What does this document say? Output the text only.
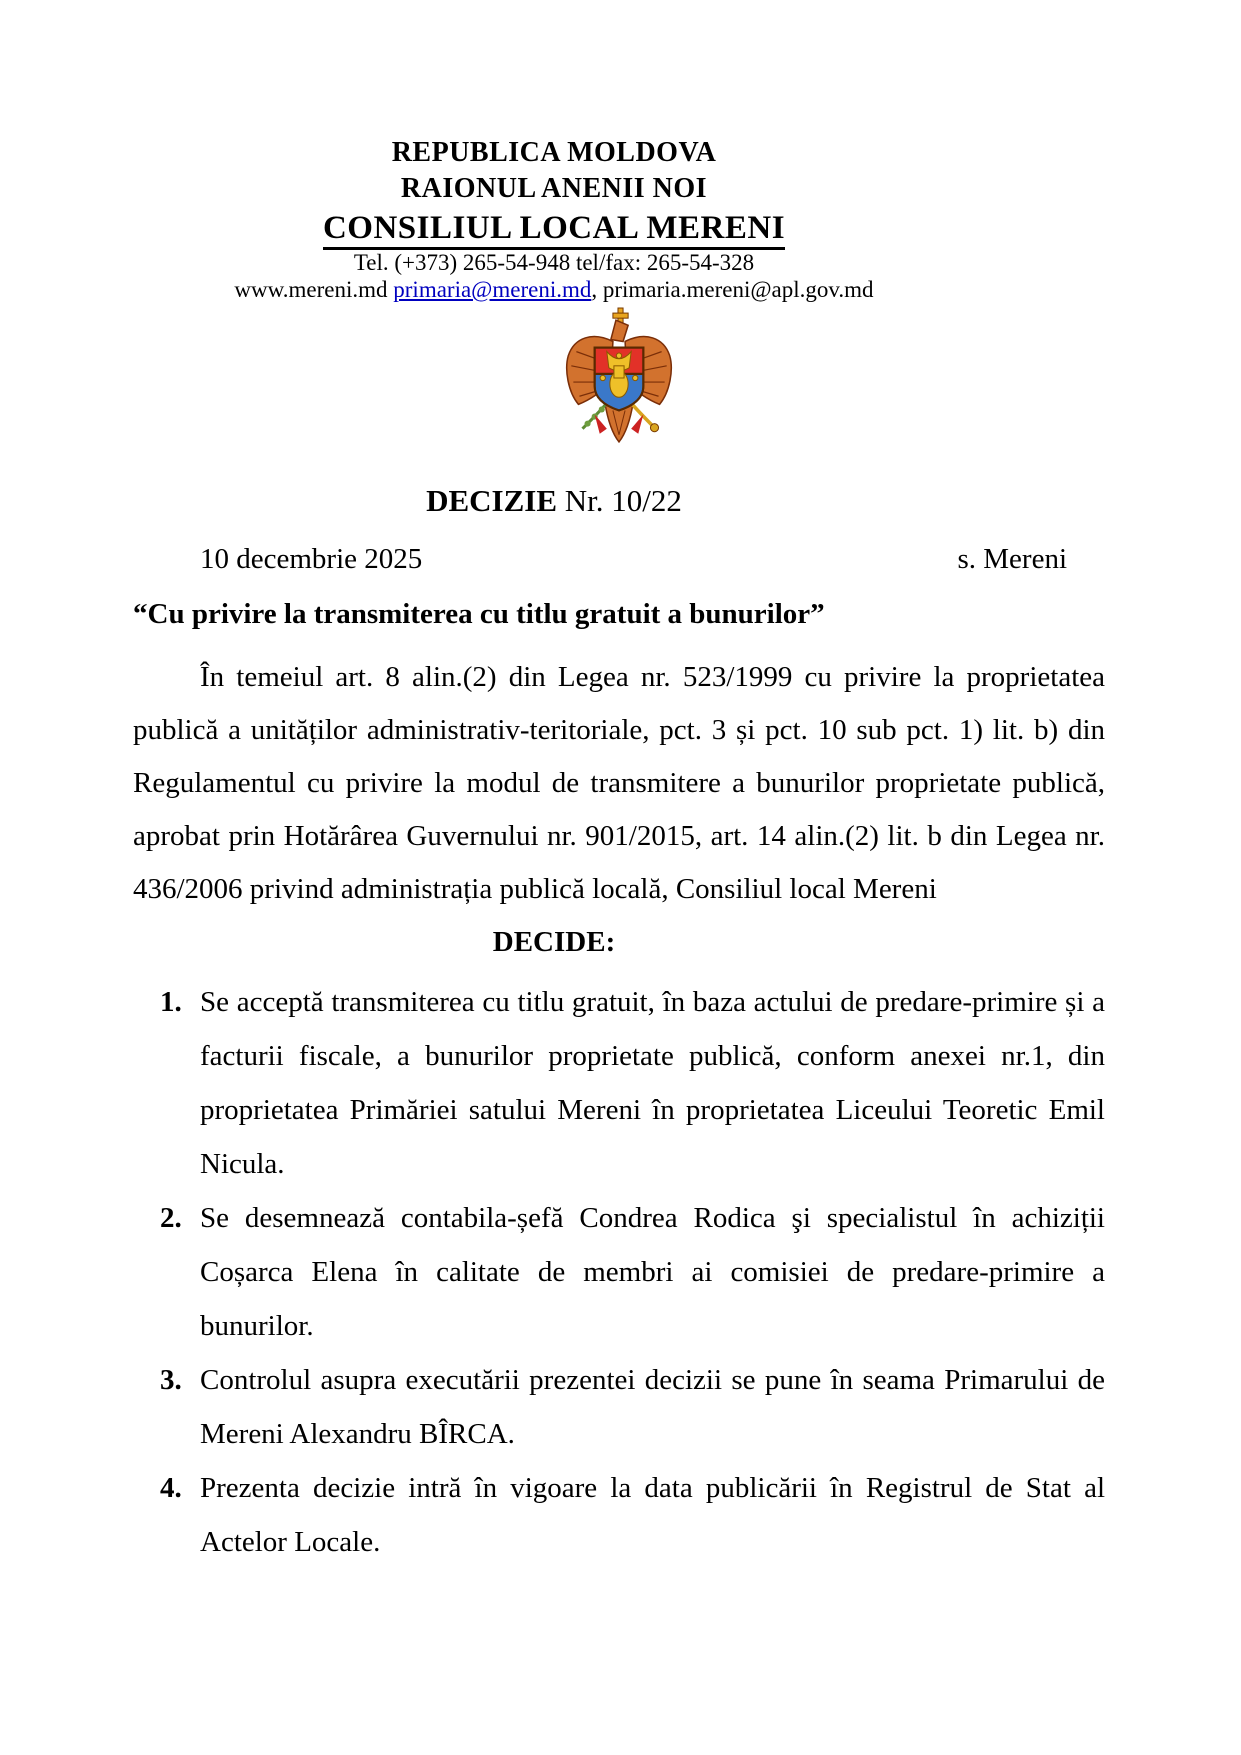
REPUBLICA MOLDOVA
RAIONUL ANENII NOI
CONSILIUL LOCAL MERENI
Tel. (+373) 265-54-948 tel/fax: 265-54-328
www.mereni.md primaria@mereni.md, primaria.mereni@apl.gov.md
DECIZIE Nr. 10/22
10 decembrie 2025	s. Mereni
“Cu privire la transmiterea cu titlu gratuit a bunurilor”
În temeiul art. 8 alin.(2) din Legea nr. 523/1999 cu privire la proprietatea publică a unităților administrativ-teritoriale, pct. 3 și pct. 10 sub pct. 1) lit. b) din Regulamentul cu privire la modul de transmitere a bunurilor proprietate publică, aprobat prin Hotărârea Guvernului nr. 901/2015, art. 14 alin.(2) lit. b din Legea nr. 436/2006 privind administrația publică locală, Consiliul local Mereni
DECIDE:
1. Se acceptă transmiterea cu titlu gratuit, în baza actului de predare-primire și a facturii fiscale, a bunurilor proprietate publică, conform anexei nr.1, din proprietatea Primăriei satului Mereni în proprietatea Liceului Teoretic Emil Nicula.
2. Se desemnează contabila-șefă Condrea Rodica şi specialistul în achiziții Coșarca Elena în calitate de membri ai comisiei de predare-primire a bunurilor.
3. Controlul asupra executării prezentei decizii se pune în seama Primarului de Mereni Alexandru BÎRCA.
4. Prezenta decizie intră în vigoare la data publicării în Registrul de Stat al Actelor Locale.
